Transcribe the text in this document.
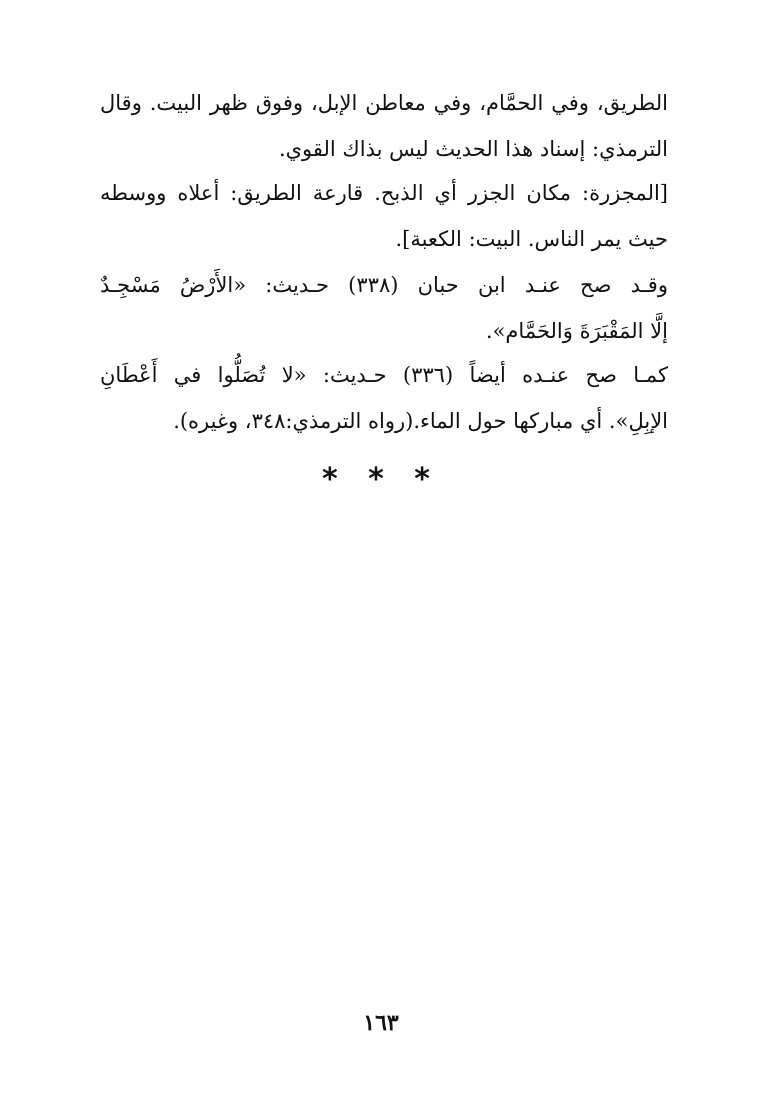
الطريق، وفي الحمَّام، وفي معاطن الإبل، وفوق ظهر البيت. وقال
الترمذي: إسناد هذا الحديث ليس بذاك القوي.
[المجزرة: مكان الجزر أي الذبح. قارعة الطريق: أعلاه ووسطه
حيث يمر الناس. البيت: الكعبة].
وقـد صح عنـد ابن حبان (٣٣٨) حـديث: «الأَرْضُ مَسْجِـدٌ
إلَّا المَقْبَرَةَ وَالحَمَّام».
كمـا صح عنـده أيضاً (٣٣٦) حـديث: «لا تُصَلُّوا في أَعْطَانِ
الإبِلِ». أي مباركها حول الماء.(رواه الترمذي:٣٤٨، وغيره).
* * *
١٦٣
